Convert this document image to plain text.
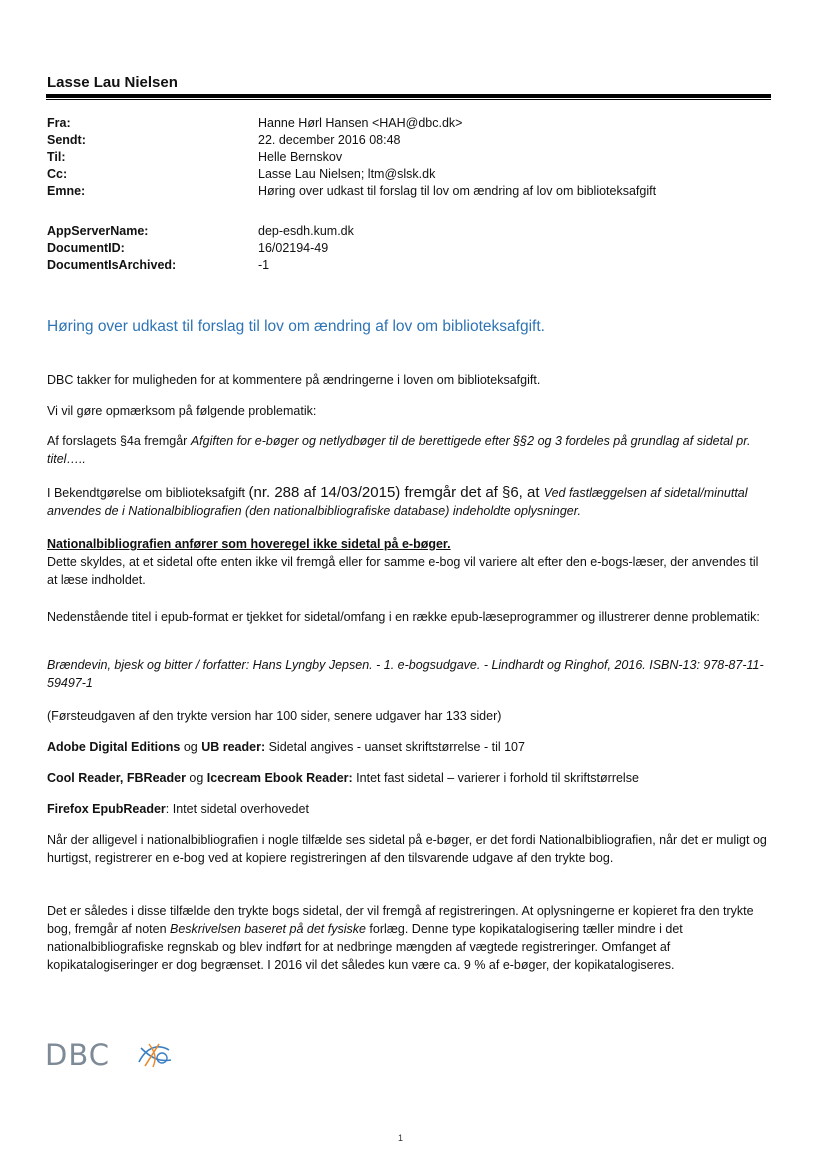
Lasse Lau Nielsen
Fra:	Hanne Hørl Hansen <HAH@dbc.dk>
Sendt:	22. december 2016 08:48
Til:	Helle Bernskov
Cc:	Lasse Lau Nielsen; ltm@slsk.dk
Emne:	Høring over udkast til forslag til lov om ændring af lov om biblioteksafgift
AppServerName:	dep-esdh.kum.dk
DocumentID:	16/02194-49
DocumentIsArchived:	-1
Høring over udkast til forslag til lov om ændring af lov om biblioteksafgift.
DBC takker for muligheden for at kommentere på ændringerne i loven om biblioteksafgift.
Vi vil gøre opmærksom på følgende problematik:
Af forslagets §4a fremgår Afgiften for e-bøger og netlydbøger til de berettigede efter §§2 og 3 fordeles på grundlag af sidetal pr. titel…..
I Bekendtgørelse om biblioteksafgift (nr. 288 af 14/03/2015) fremgår det af §6, at Ved fastlæggelsen af sidetal/minuttal anvendes de i Nationalbibliografien (den nationalbibliografiske database) indeholdte oplysninger.
Nationalbibliografien anfører som hoveregel ikke sidetal på e-bøger.
Dette skyldes, at et sidetal ofte enten ikke vil fremgå eller for samme e-bog vil variere alt efter den e-bogs-læser, der anvendes til at læse indholdet.
Nedenstående titel i epub-format er tjekket for sidetal/omfang i en række epub-læseprogrammer og illustrerer denne problematik:
Brændevin, bjesk og bitter / forfatter: Hans Lyngby Jepsen. - 1. e-bogsudgave. - Lindhardt og Ringhof, 2016. ISBN-13: 978-87-11-59497-1
(Førsteudgaven af den trykte version har 100 sider, senere udgaver har 133 sider)
Adobe Digital Editions og UB reader: Sidetal angives - uanset skriftstørrelse - til 107
Cool Reader, FBReader og Icecream Ebook Reader: Intet fast sidetal – varierer i forhold til skriftstørrelse
Firefox EpubReader: Intet sidetal overhovedet
Når der alligevel i nationalbibliografien i nogle tilfælde ses sidetal på e-bøger, er det fordi Nationalbibliografien, når det er muligt og hurtigst, registrerer en e-bog ved at kopiere registreringen af den tilsvarende udgave af den trykte bog.
Det er således i disse tilfælde den trykte bogs sidetal, der vil fremgå af registreringen. At oplysningerne er kopieret fra den trykte bog, fremgår af noten Beskrivelsen baseret på det fysiske forlæg. Denne type kopikatalogisering tæller mindre i det nationalbibliografiske regnskab og blev indført for at nedbringe mængden af vægtede registreringer. Omfanget af kopikatalogiseringer er dog begrænset. I 2016 vil det således kun være ca. 9 % af e-bøger, der kopikatalogiseres.
DBC
1
